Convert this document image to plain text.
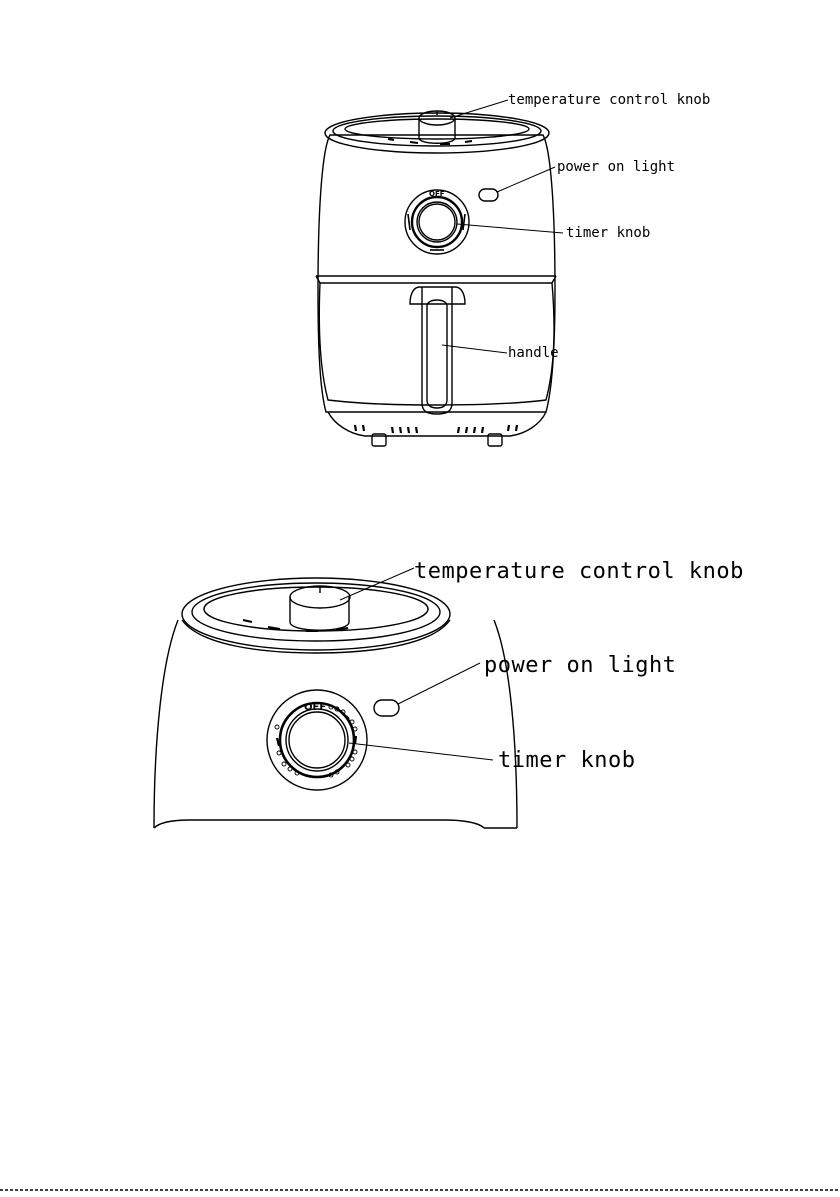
OFF
temperature control knob
power on light
timer knob
handle
OFF
temperature control knob
power on light
timer knob
